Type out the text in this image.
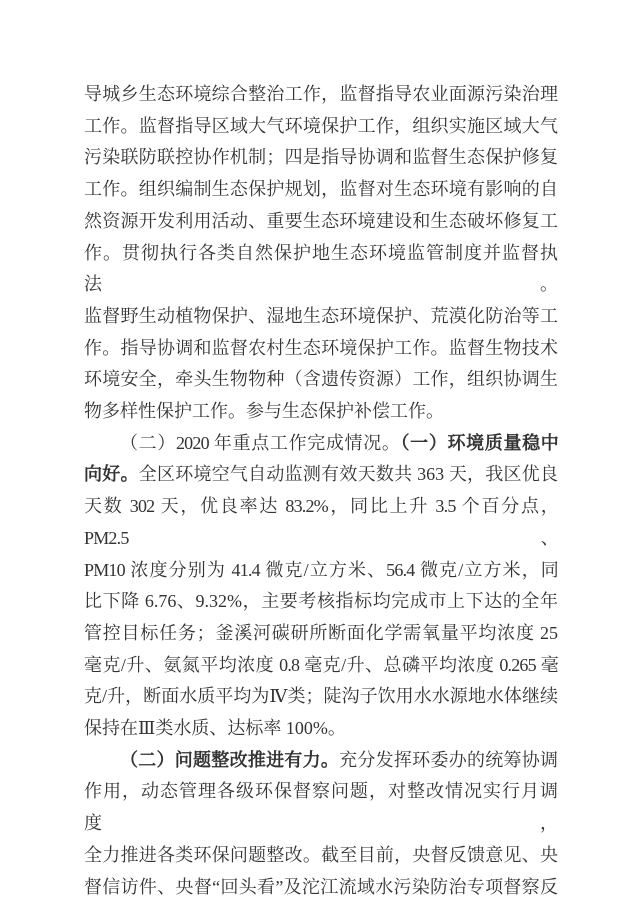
导城乡生态环境综合整治工作，监督指导农业面源污染治理

工作。监督指导区域大气环境保护工作，组织实施区域大气

污染联防联控协作机制；四是指导协调和监督生态保护修复

工作。组织编制生态保护规划，监督对生态环境有影响的自

然资源开发利用活动、重要生态环境建设和生态破坏修复工

作。贯彻执行各类自然保护地生态环境监管制度并监督执法。

监督野生动植物保护、湿地生态环境保护、荒漠化防治等工

作。指导协调和监督农村生态环境保护工作。监督生物技术

环境安全，牵头生物物种（含遗传资源）工作，组织协调生

物多样性保护工作。参与生态保护补偿工作。

（二）2020 年重点工作完成情况。（一）环境质量稳中

向好。全区环境空气自动监测有效天数共 363 天，我区优良

天数 302 天，优良率达 83.2%，同比上升 3.5 个百分点，PM2.5、

PM10 浓度分别为 41.4 微克/立方米、56.4 微克/立方米，同

比下降 6.76、9.32%，主要考核指标均完成市上下达的全年

管控目标任务；釜溪河碳研所断面化学需氧量平均浓度 25

毫克/升、氨氮平均浓度 0.8 毫克/升、总磷平均浓度 0.265 毫

克/升，断面水质平均为Ⅳ类；陡沟子饮用水水源地水体继续

保持在Ⅲ类水质、达标率 100%。

（二）问题整改推进有力。充分发挥环委办的统筹协调

作用，动态管理各级环保督察问题，对整改情况实行月调度，

全力推进各类环保问题整改。截至目前，央督反馈意见、央

督信访件、央督“回头看”及沱江流域水污染防治专项督察反
